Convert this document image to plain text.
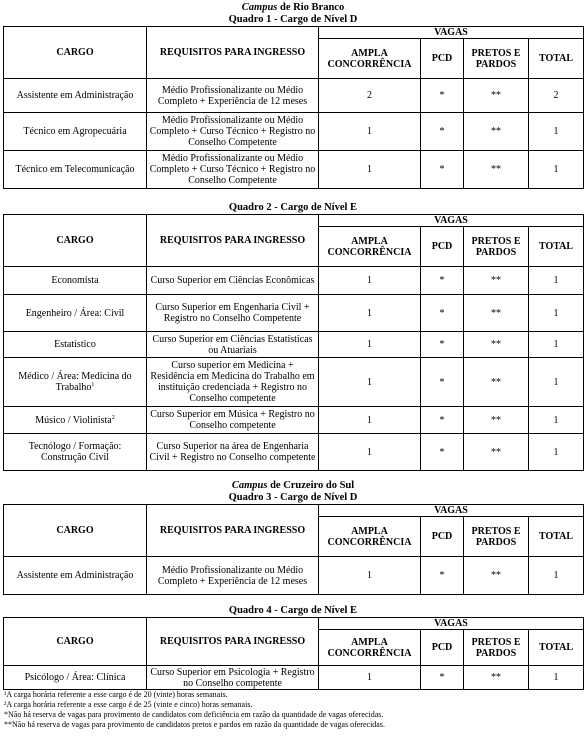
Campus de Rio Branco
Quadro 1 - Cargo de Nível D
CARGO	REQUISITOS PARA INGRESSO	VAGAS			
		AMPLA CONCORRÊNCIA	PCD	PRETOS E PARDOS	TOTAL
Assistente em Administração	Médio Profissionalizante ou Médio Completo + Experiência de 12 meses	2	*	**	2
Técnico em Agropecuária	Médio Profissionalizante ou Médio Completo + Curso Técnico + Registro no Conselho Competente	1	*	**	1
Técnico em Telecomunicação	Médio Profissionalizante ou Médio Completo + Curso Técnico + Registro no Conselho Competente	1	*	**	1
Quadro 2 - Cargo de Nível E
CARGO	REQUISITOS PARA INGRESSO	VAGAS			
		AMPLA CONCORRÊNCIA	PCD	PRETOS E PARDOS	TOTAL
Economista	Curso Superior em Ciências Econômicas	1	*	**	1
Engenheiro / Área: Civil	Curso Superior em Engenharia Civil + Registro no Conselho Competente	1	*	**	1
Estatístico	Curso Superior em Ciências Estatísticas ou Atuariais	1	*	**	1
Médico / Área: Medicina do Trabalho$^1$	Curso superior em Medicina + Residência em Medicina do Trabalho em instituição credenciada + Registro no Conselho competente	1	*	**	1
Músico / Violinista$^2$	Curso Superior em Música + Registro no Conselho competente	1	*	**	1
Tecnólogo / Formação: Construção Civil	Curso Superior na área de Engenharia Civil + Registro no Conselho competente	1	*	**	1
Campus de Cruzeiro do Sul
Quadro 3 - Cargo de Nível D
CARGO	REQUISITOS PARA INGRESSO	VAGAS			
		AMPLA CONCORRÊNCIA	PCD	PRETOS E PARDOS	TOTAL
Assistente em Administração	Médio Profissionalizante ou Médio Completo + Experiência de 12 meses	1	*	**	1
Quadro 4 - Cargo de Nível E
CARGO	REQUISITOS PARA INGRESSO	VAGAS			
		AMPLA CONCORRÊNCIA	PCD	PRETOS E PARDOS	TOTAL
Psicólogo / Área: Clínica	Curso Superior em Psicologia + Registro no Conselho competente	1	*	**	1
¹A carga horária referente a esse cargo é de 20 (vinte) horas semanais.
²A carga horária referente a esse cargo é de 25 (vinte e cinco) horas semanais.
*Não há reserva de vagas para provimento de candidatos com deficiência em razão da quantidade de vagas oferecidas.
**Não há reserva de vagas para provimento de candidatos pretos e pardos em razão da quantidade de vagas oferecidas.
